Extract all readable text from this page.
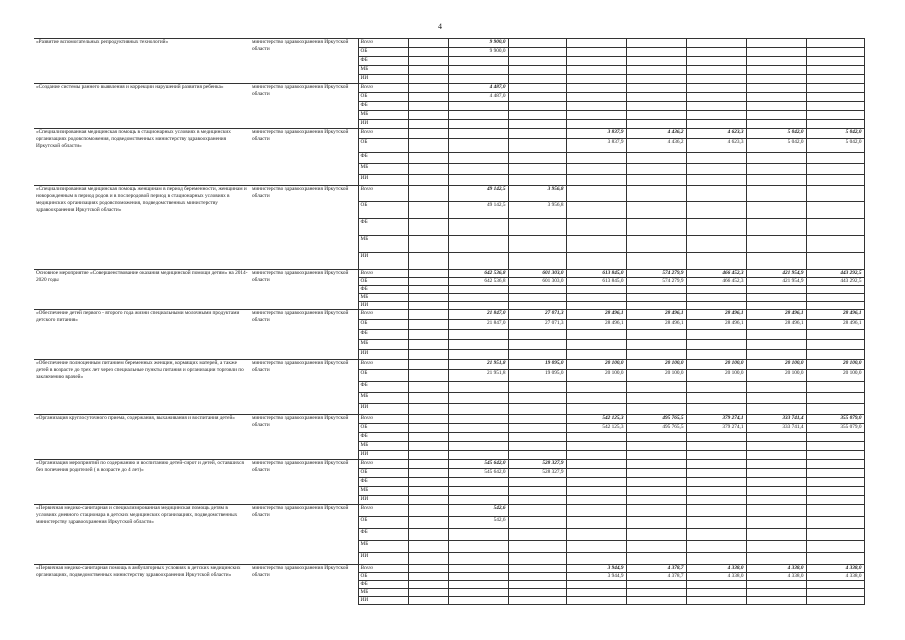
4
«Развитие вспомогательных репродуктивных технологий»	министерство здравоохранения Иркутской области	Всего		9 900,0						
		ОБ		9 900,0						
		ФБ								
		МБ								
		ИИ								
«Создание системы раннего выявления и коррекции нарушений развития ребенка»	министерство здравоохранения Иркутской области	Всего		4 487,0						
		ОБ		4 487,0						
		ФБ								
		МБ								
		ИИ								
«Специализированная медицинская помощь в стационарных условиях в медицинских организациях родовспоможения, подведомственных министерству здравоохранения Иркутской области»	министерство здравоохранения Иркутской области	Всего				3 837,9	4 436,2	4 623,3	5 042,0	5 042,0
		ОБ				3 837,9	4 436,2	4 623,3	5 042,0	5 042,0
		ФБ								
		МБ								
		ИИ								
«Специализированная медицинская помощь женщинам в период беременности, женщинам и новорожденным в период родов и в послеродовой период в стационарных условиях в медицинских организациях родовспоможения, подведомственных министерству здравоохранения Иркутской области»	министерство здравоохранения Иркутской области	Всего		49 142,5	3 956,8					
		ОБ		49 142,5	3 956,8					
		ФБ								
		МБ								
		ИИ								
Основное мероприятие «Совершенствование оказания медицинской помощи детям» на 2014-2020 годы	министерство здравоохранения Иркутской области	Всего		642 536,8	601 303,0	613 845,0	574 279,9	466 452,3	421 954,9	443 292,5
		ОБ		642 536,8	601 303,0	613 845,0	574 279,9	466 452,3	421 954,9	443 292,5
		ФБ								
		МБ								
		ИИ								
«Обеспечение детей первого - второго года жизни специальными молочными продуктами детского питания»	министерство здравоохранения Иркутской области	Всего		21 847,0	27 071,3	28 496,1	28 496,1	28 496,1	28 496,1	28 496,1
		ОБ		21 847,0	27 071,3	28 496,1	28 496,1	28 496,1	28 496,1	28 496,1
		ФБ								
		МБ								
		ИИ								
«Обеспечение полноценным питанием беременных женщин, кормящих матерей, а также детей в возрасте до трех лет через специальные пункты питания и организации торговли по заключению врачей»	министерство здравоохранения Иркутской области	Всего		21 951,8	19 095,0	20 100,0	20 100,0	20 100,0	20 100,0	20 100,0
		ОБ		21 951,8	19 095,0	20 100,0	20 100,0	20 100,0	20 100,0	20 100,0
		ФБ								
		МБ								
		ИИ								
«Организация круглосуточного приема, содержания, выхаживания и воспитания детей»	министерство здравоохранения Иркутской области	Всего				542 125,3	495 765,5	379 274,1	333 741,4	355 079,0
		ОБ				542 125,3	495 765,5	379 274,1	333 741,4	355 079,0
		ФБ								
		МБ								
		ИИ								
«Организация мероприятий по содержанию и воспитанию детей-сирот и детей, оставшихся без попечения родителей ( в возрасте до 4 лет)»	министерство здравоохранения Иркутской области	Всего		545 642,0	528 327,9					
		ОБ		545 642,0	528 327,9					
		ФБ								
		МБ								
		ИИ								
«Первичная медико-санитарная и специализированная медицинская помощь детям в условиях дневного стационара в детских медицинских организациях, подведомственных министерству здравоохранения Иркутской области»	министерство здравоохранения Иркутской области	Всего		542,6						
		ОБ		542,6						
		ФБ								
		МБ								
		ИИ								
«Первичная медико-санитарная помощь в амбулаторных условиях в детских медицинских организациях, подведомственных министерству здравоохранения Иркутской области»	министерство здравоохранения Иркутской области	Всего				3 944,9	4 378,7	4 338,0	4 338,0	4 338,0
		ОБ				3 944,9	4 378,7	4 338,0	4 338,0	4 338,0
		ФБ								
		МБ								
		ИИ								
